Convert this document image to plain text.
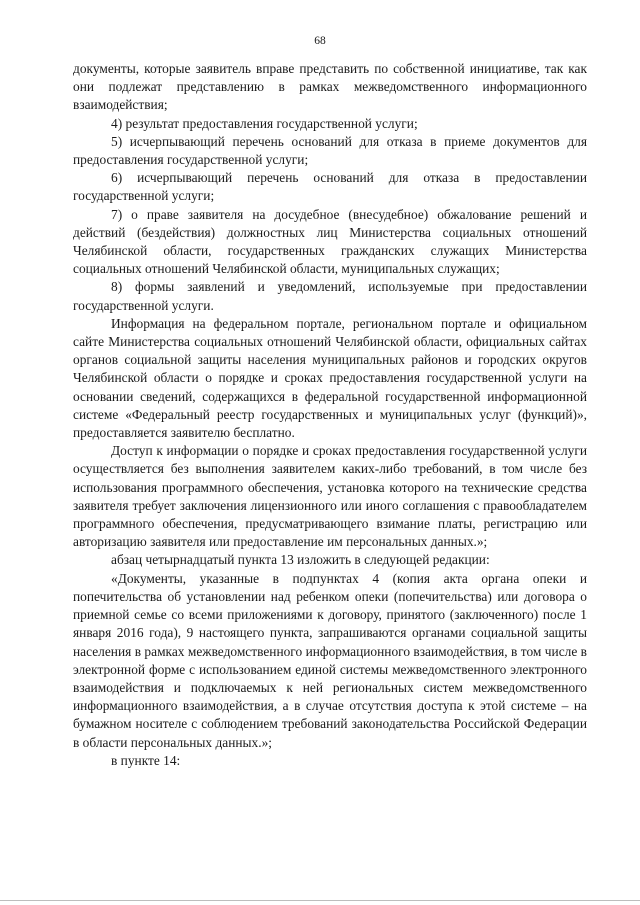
68

документы, которые заявитель вправе представить по собственной инициативе, так как они подлежат представлению в рамках межведомственного информационного взаимодействия;

4) результат предоставления государственной услуги;

5) исчерпывающий перечень оснований для отказа в приеме документов для предоставления государственной услуги;

6) исчерпывающий перечень оснований для отказа в предоставлении государственной услуги;

7) о праве заявителя на досудебное (внесудебное) обжалование решений и действий (бездействия) должностных лиц Министерства социальных отношений Челябинской области, государственных гражданских служащих Министерства социальных отношений Челябинской области, муниципальных служащих;

8) формы заявлений и уведомлений, используемые при предоставлении государственной услуги.

Информация на федеральном портале, региональном портале и официальном сайте Министерства социальных отношений Челябинской области, официальных сайтах органов социальной защиты населения муниципальных районов и городских округов Челябинской области о порядке и сроках предоставления государственной услуги на основании сведений, содержащихся в федеральной государственной информационной системе «Федеральный реестр государственных и муниципальных услуг (функций)», предоставляется заявителю бесплатно.

Доступ к информации о порядке и сроках предоставления государственной услуги осуществляется без выполнения заявителем каких-либо требований, в том числе без использования программного обеспечения, установка которого на технические средства заявителя требует заключения лицензионного или иного соглашения с правообладателем программного обеспечения, предусматривающего взимание платы, регистрацию или авторизацию заявителя или предоставление им персональных данных.»;

абзац четырнадцатый пункта 13 изложить в следующей редакции:

«Документы, указанные в подпунктах 4 (копия акта органа опеки и попечительства об установлении над ребенком опеки (попечительства) или договора о приемной семье со всеми приложениями к договору, принятого (заключенного) после 1 января 2016 года), 9 настоящего пункта, запрашиваются органами социальной защиты населения в рамках межведомственного информационного взаимодействия, в том числе в электронной форме с использованием единой системы межведомственного электронного взаимодействия и подключаемых к ней региональных систем межведомственного информационного взаимодействия, а в случае отсутствия доступа к этой системе – на бумажном носителе с соблюдением требований законодательства Российской Федерации в области персональных данных.»;

в пункте 14:
